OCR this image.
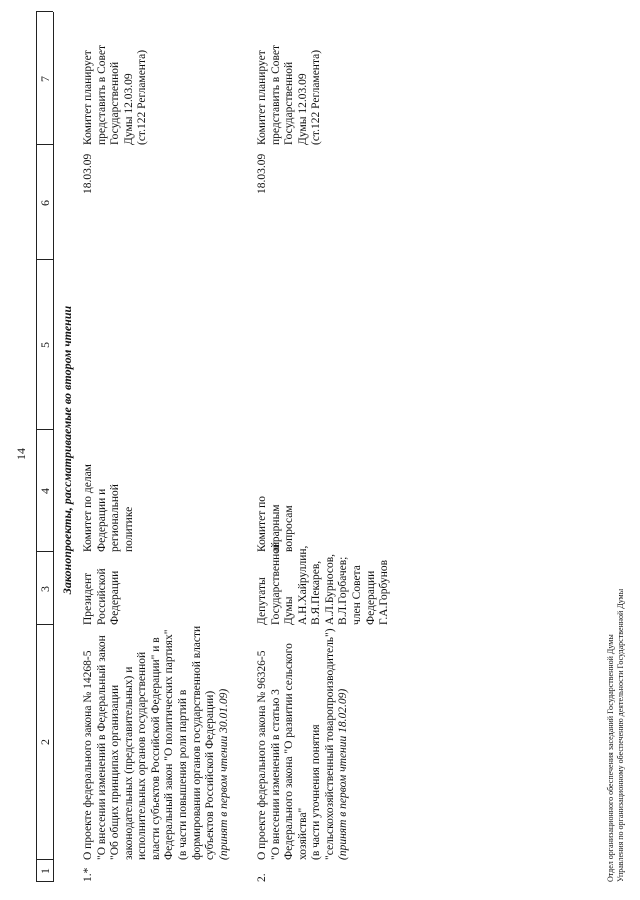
14
1
2
3
4
5
6
7
Законопроекты, рассматриваемые во втором чтении
1.*
О проекте федерального закона № 14268-5 "О внесении изменений в Федеральный закон "Об общих принципах организации законодательных (представительных) и исполнительных органов государственной власти субъектов Российской Федерации" и в Федеральный закон "О политических партиях" (в части повышения роли партий в формировании органов государственной власти субъектов Российской Федерации) (принят в первом чтении 30.01.09)
Президент Российской Федерации
Комитет по делам Федерации и региональной политике
18.03.09
Комитет планирует представить в Совет Государственной Думы 12.03.09 (ст.122 Регламента)
2.
О проекте федерального закона № 96326-5 "О внесении изменений в статью 3 Федерального закона "О развитии сельского хозяйства" (в части уточнения понятия "сельскохозяйственный товаропроизводитель") (принят в первом чтении 18.02.09)
Депутаты Государственной Думы А.Н.Хайруллин, В.Я.Пекарев, А.Л.Бурносов, В.Л.Горбачев; член Совета Федерации Г.А.Горбунов
Комитет по аграрным вопросам
18.03.09
Комитет планирует представить в Совет Государственной Думы 12.03.09 (ст.122 Регламента)
Отдел организационного обеспечения заседаний Государственной Думы Управления по организационному обеспечению деятельности Государственной Думы
